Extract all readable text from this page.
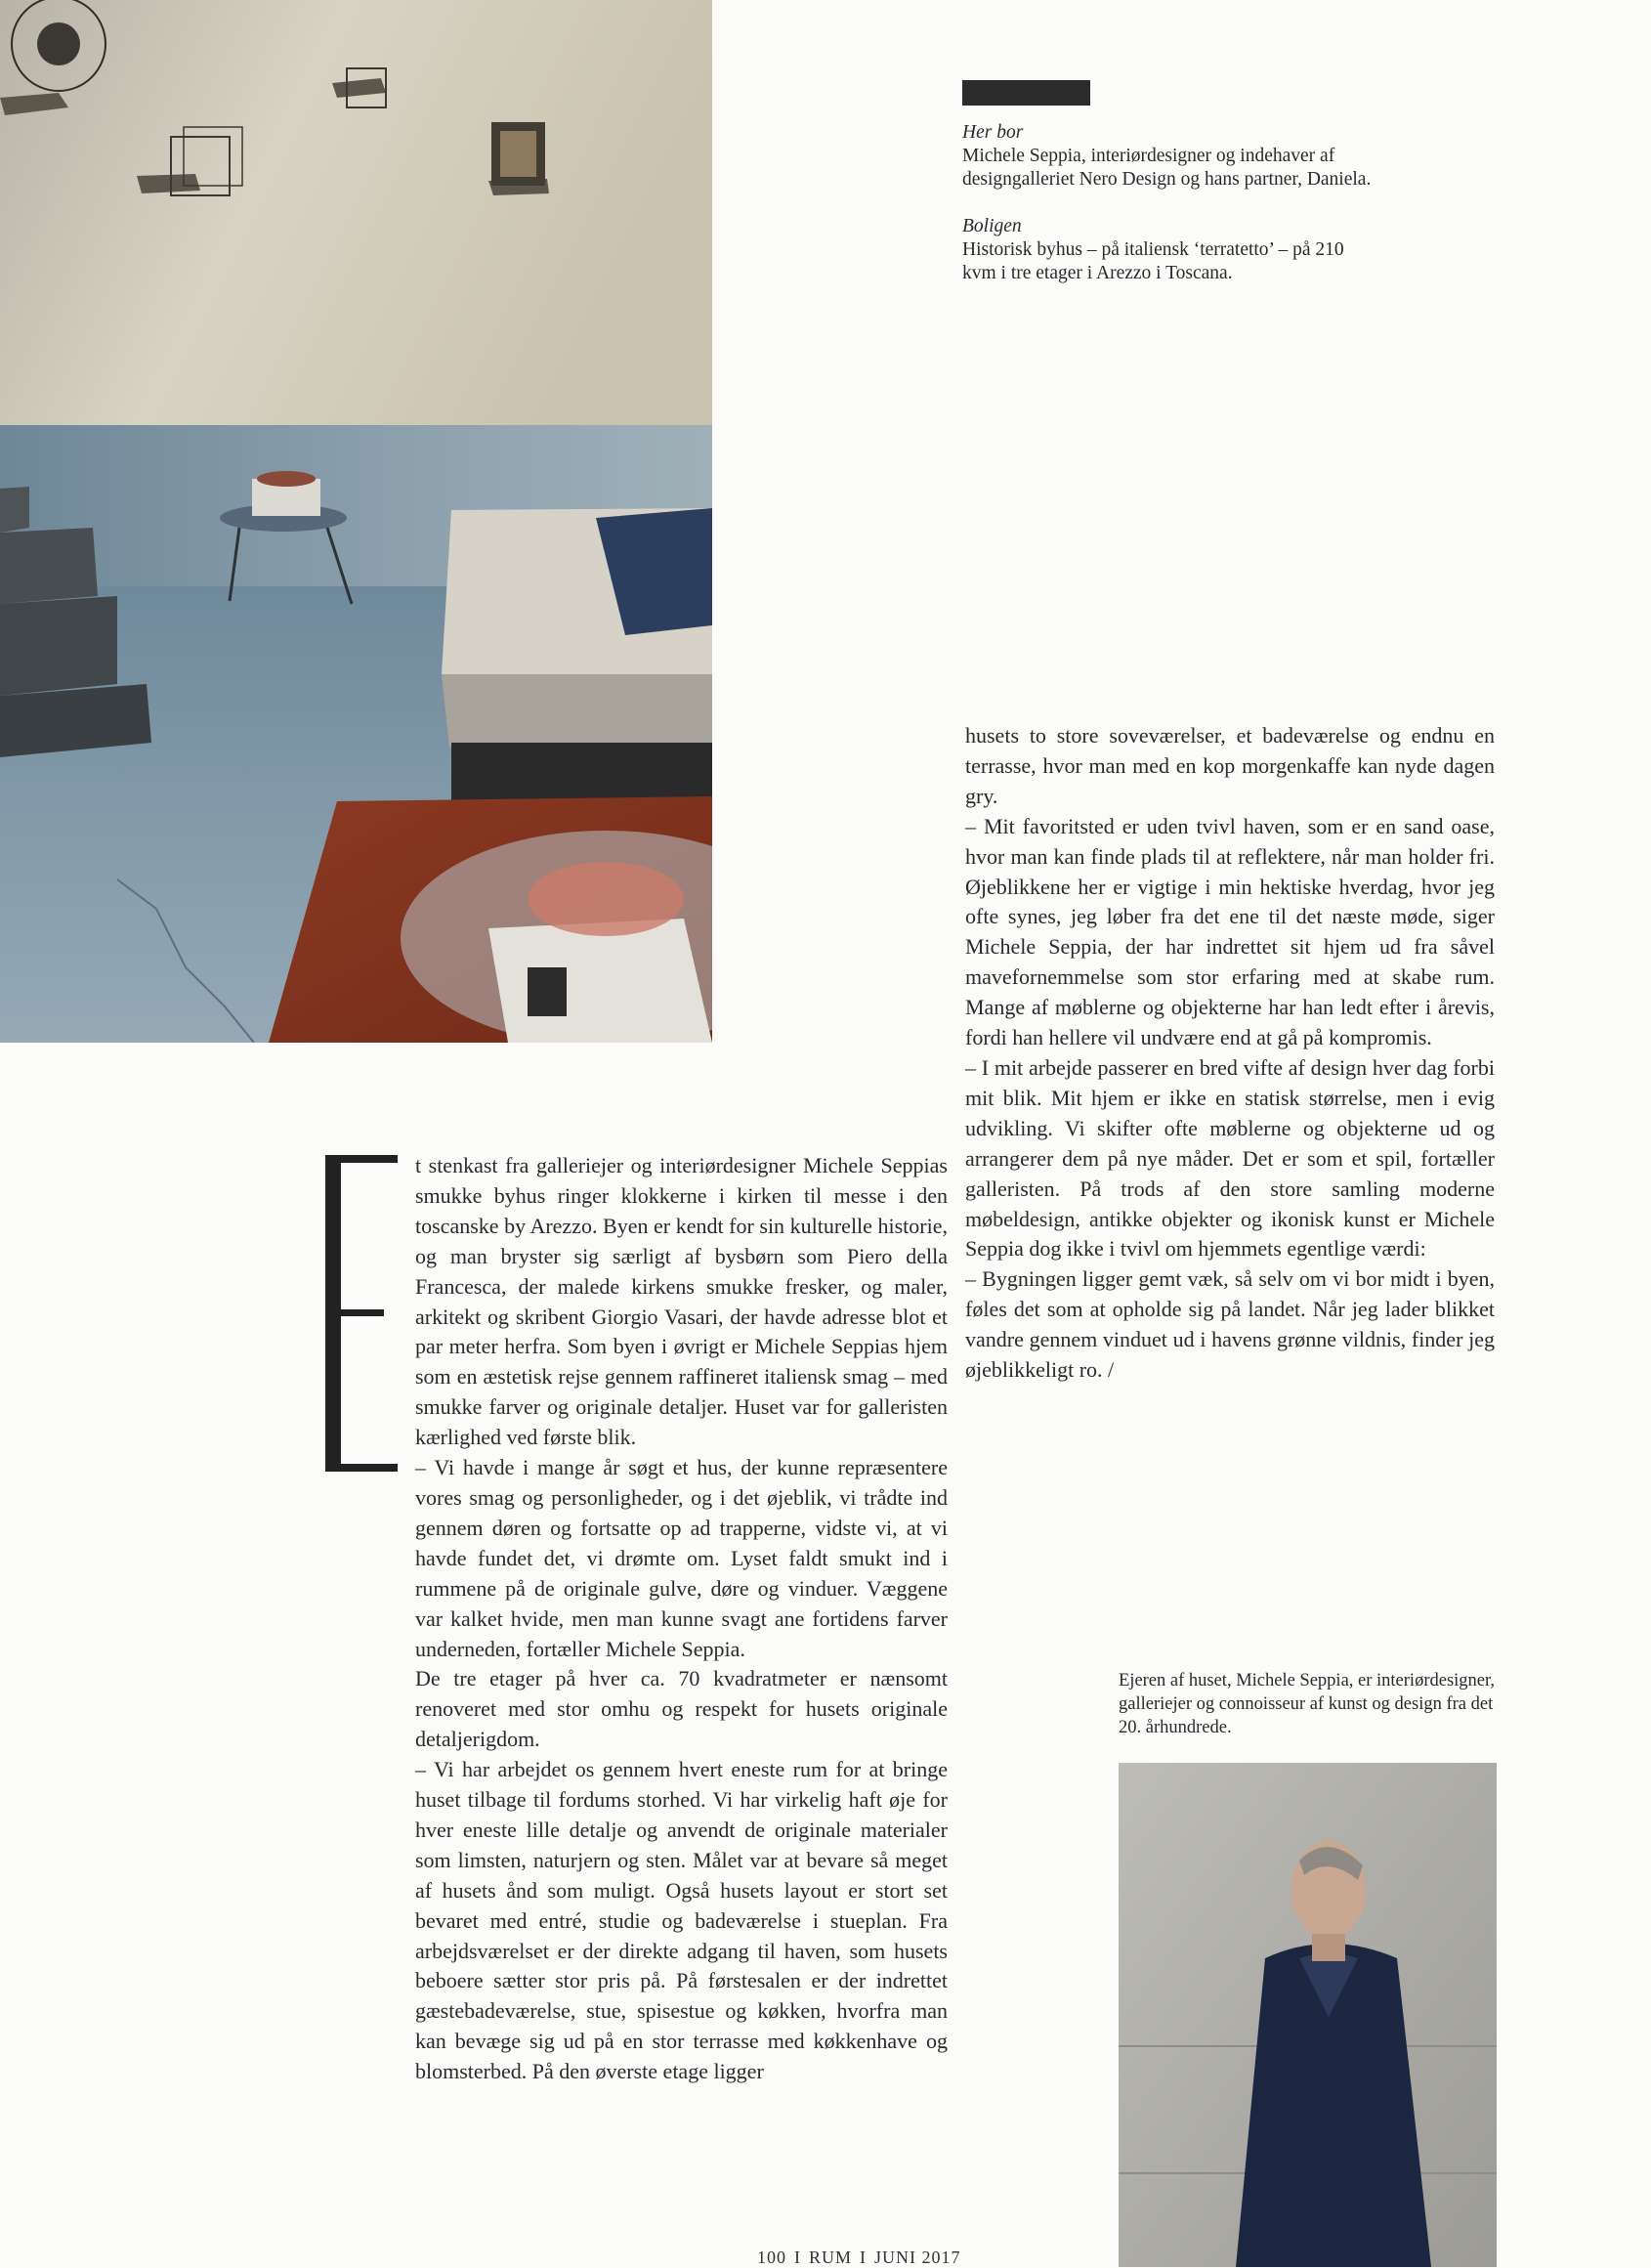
Her bor

Michele Seppia, interiørdesigner og indehaver af designgalleriet Nero Design og hans partner, Daniela.

Boligen

Historisk byhus – på italiensk ‘terratetto’ – på 210 kvm i tre etager i Arezzo i Toscana.

husets to store soveværelser, et badeværelse og endnu en terrasse, hvor man med en kop morgenkaffe kan nyde dagen gry.

– Mit favoritsted er uden tvivl haven, som er en sand oase, hvor man kan finde plads til at reflektere, når man holder fri. Øjeblikkene her er vigtige i min hektiske hverdag, hvor jeg ofte synes, jeg løber fra det ene til det næste møde, siger Michele Seppia, der har indrettet sit hjem ud fra såvel mavefornemmelse som stor erfaring med at skabe rum. Mange af møblerne og objekterne har han ledt efter i årevis, fordi han hellere vil undvære end at gå på kompromis.

– I mit arbejde passerer en bred vifte af design hver dag forbi mit blik. Mit hjem er ikke en statisk størrelse, men i evig udvikling. Vi skifter ofte møblerne og objekterne ud og arrangerer dem på nye måder. Det er som et spil, fortæller galleristen. På trods af den store samling moderne møbeldesign, antikke objekter og ikonisk kunst er Michele Seppia dog ikke i tvivl om hjemmets egentlige værdi:

– Bygningen ligger gemt væk, så selv om vi bor midt i byen, føles det som at opholde sig på landet. Når jeg lader blikket vandre gennem vinduet ud i havens grønne vildnis, finder jeg øjeblikkeligt ro. /

t stenkast fra galleriejer og interiørdesigner Michele Seppias smukke byhus ringer klokkerne i kirken til messe i den toscanske by Arezzo. Byen er kendt for sin kulturelle historie, og man bryster sig særligt af bysbørn som Piero della Francesca, der malede kirkens smukke fresker, og maler, arkitekt og skribent Giorgio Vasari, der havde adresse blot et par meter herfra. Som byen i øvrigt er Michele Seppias hjem som en æstetisk rejse gennem raffineret italiensk smag – med smukke farver og originale detaljer. Huset var for galleristen kærlighed ved første blik.

– Vi havde i mange år søgt et hus, der kunne repræsentere vores smag og personligheder, og i det øjeblik, vi trådte ind gennem døren og fortsatte op ad trapperne, vidste vi, at vi havde fundet det, vi drømte om. Lyset faldt smukt ind i rummene på de originale gulve, døre og vinduer. Væggene var kalket hvide, men man kunne svagt ane fortidens farver underneden, fortæller Michele Seppia.

De tre etager på hver ca. 70 kvadratmeter er nænsomt renoveret med stor omhu og respekt for husets originale detaljerigdom.

– Vi har arbejdet os gennem hvert eneste rum for at bringe huset tilbage til fordums storhed. Vi har virkelig haft øje for hver eneste lille detalje og anvendt de originale materialer som limsten, naturjern og sten. Målet var at bevare så meget af husets ånd som muligt. Også husets layout er stort set bevaret med entré, studie og badeværelse i stueplan. Fra arbejdsværelset er der direkte adgang til haven, som husets beboere sætter stor pris på. På førstesalen er der indrettet gæstebadeværelse, stue, spisestue og køkken, hvorfra man kan bevæge sig ud på en stor terrasse med køkkenhave og blomsterbed. På den øverste etage ligger

Ejeren af huset, Michele Seppia, er interiørdesigner, galleriejer og connoisseur af kunst og design fra det 20. århundrede.
100 I RUM I JUNI 2017
